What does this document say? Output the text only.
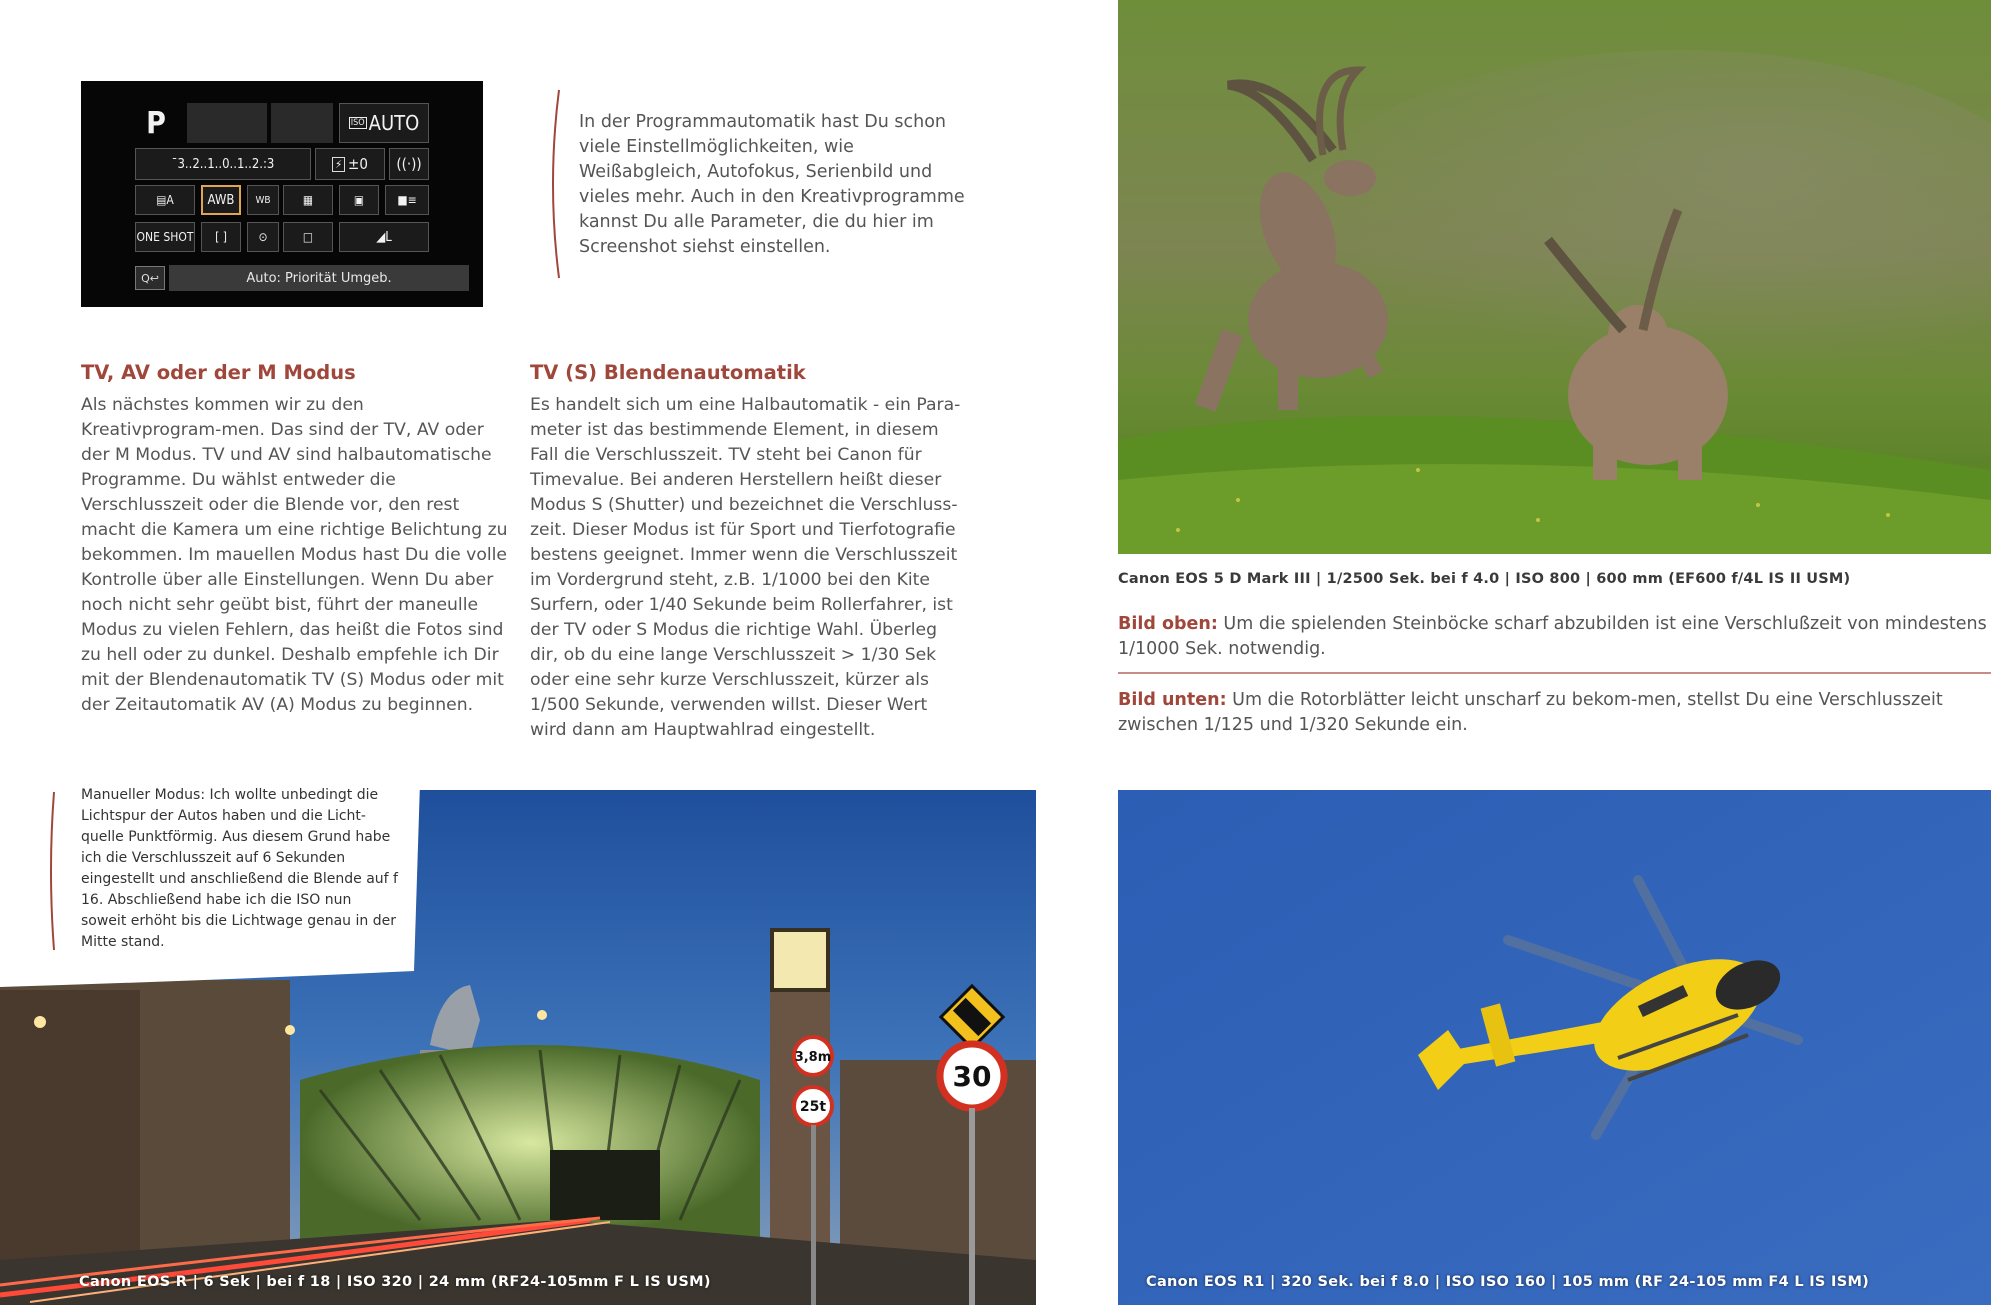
P	ISO AUTO
¯3..2..1..0..1..2.:3	⚡ ±0	((·))
▤A	AWB	WB	▦	▣	■≡
ONE SHOT	[ ]	⊙	□	◢ L
Q↩	Auto: Priorität Umgeb.

In der Programmautomatik hast Du schon viele Einstellmöglichkeiten, wie Weißabgleich, Autofokus, Serienbild und vieles mehr. Auch in den Kreativprogramme kannst Du alle Parameter, die du hier im Screenshot siehst einstellen.

TV, AV oder der M Modus

Als nächstes kommen wir zu den Kreativprogram-men. Das sind der TV, AV oder der M Modus. TV und AV sind halbautomatische Programme. Du wählst entweder die Verschlusszeit oder die Blende vor, den rest macht die Kamera um eine richtige Belichtung zu bekommen. Im mauellen Modus hast Du die volle Kontrolle über alle Einstellungen. Wenn Du aber noch nicht sehr geübt bist, führt der maneulle Modus zu vielen Fehlern, das heißt die Fotos sind zu hell oder zu dunkel. Deshalb empfehle ich Dir mit der Blendenautomatik TV (S) Modus oder mit der Zeitautomatik AV (A) Modus zu beginnen.

TV (S) Blendenautomatik

Es handelt sich um eine Halbautomatik - ein Para-meter ist das bestimmende Element, in diesem Fall die Verschlusszeit. TV steht bei Canon für Timevalue. Bei anderen Herstellern heißt dieser Modus S (Shutter) und bezeichnet die Verschluss-zeit. Dieser Modus ist für Sport und Tierfotografie bestens geeignet. Immer wenn die Verschlusszeit im Vordergrund steht, z.B. 1/1000 bei den Kite Surfern, oder 1/40 Sekunde beim Rollerfahrer, ist der TV oder S Modus die richtige Wahl. Überleg dir, ob du eine lange Verschlusszeit > 1/30 Sek oder eine sehr kurze Verschlusszeit, kürzer als 1/500 Sekunde, verwenden willst. Dieser Wert wird dann am Hauptwahlrad eingestellt.

Canon EOS 5 D Mark III | 1/2500 Sek. bei f 4.0 | ISO 800 | 600 mm (EF600 f/4L IS II USM)

Bild oben: Um die spielenden Steinböcke scharf abzubilden ist eine Verschlußzeit von mindestens 1/1000 Sek. notwendig.

Bild unten: Um die Rotorblätter leicht unscharf zu bekom-men, stellst Du eine Verschlusszeit zwischen 1/125 und 1/320 Sekunde ein.

30
3,8m
25t

Manueller Modus: Ich wollte unbedingt die Lichtspur der Autos haben und die Licht-quelle Punktförmig. Aus diesem Grund habe ich die Verschlusszeit auf 6 Sekunden eingestellt und anschließend die Blende auf f 16. Abschließend habe ich die ISO nun soweit erhöht bis die Lichtwage genau in der Mitte stand.

Canon EOS R | 6 Sek | bei f 18 | ISO 320 | 24 mm (RF24-105mm F L IS USM)	Canon EOS R1 | 320 Sek. bei f 8.0 | ISO ISO 160 | 105 mm (RF 24-105 mm F4 L IS ISM)
